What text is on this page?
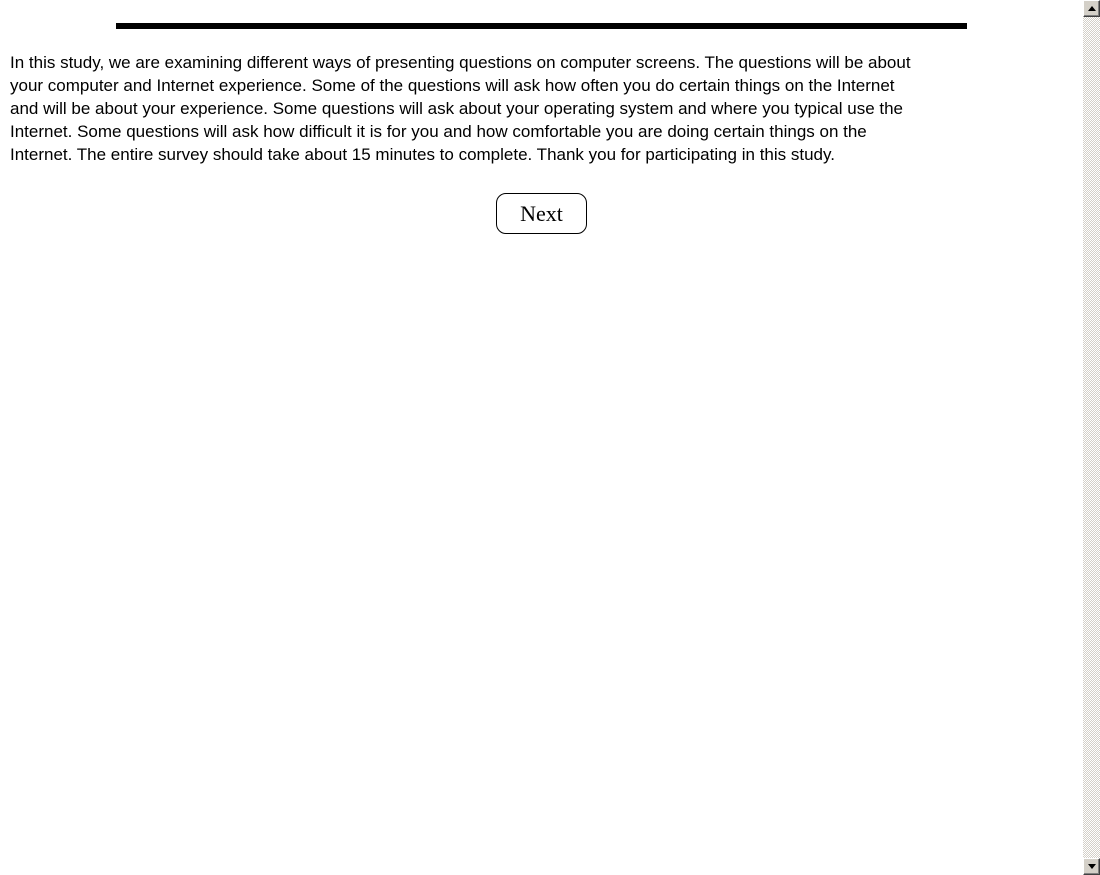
In this study, we are examining different ways of presenting questions on computer screens. The questions will be about
your computer and Internet experience. Some of the questions will ask how often you do certain things on the Internet
and will be about your experience. Some questions will ask about your operating system and where you typical use the
Internet. Some questions will ask how difficult it is for you and how comfortable you are doing certain things on the
Internet. The entire survey should take about 15 minutes to complete. Thank you for participating in this study.
Next
